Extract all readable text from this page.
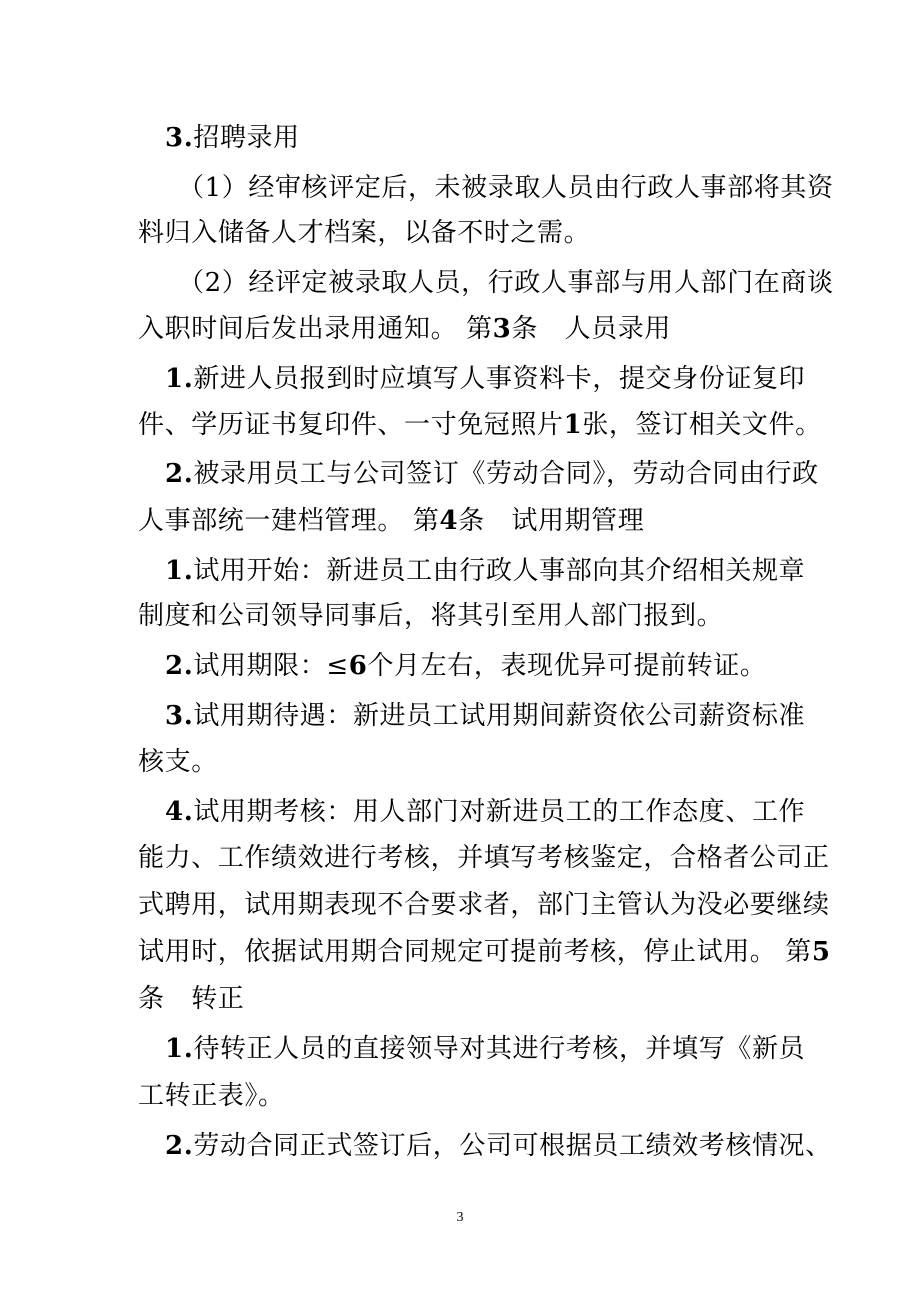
3.招聘录用
（1）经审核评定后，未被录取人员由行政人事部将其资
料归入储备人才档案，以备不时之需。
（2）经评定被录取人员，行政人事部与用人部门在商谈
入职时间后发出录用通知。 第3条　人员录用
1.新进人员报到时应填写人事资料卡，提交身份证复印
件、学历证书复印件、一寸免冠照片1张，签订相关文件。
2.被录用员工与公司签订《劳动合同》，劳动合同由行政
人事部统一建档管理。 第4条　试用期管理
1.试用开始：新进员工由行政人事部向其介绍相关规章
制度和公司领导同事后，将其引至用人部门报到。
2.试用期限：≤6个月左右，表现优异可提前转证。
3.试用期待遇：新进员工试用期间薪资依公司薪资标准
核支。
4.试用期考核：用人部门对新进员工的工作态度、工作
能力、工作绩效进行考核，并填写考核鉴定，合格者公司正
式聘用，试用期表现不合要求者，部门主管认为没必要继续
试用时，依据试用期合同规定可提前考核，停止试用。 第5
条　转正
1.待转正人员的直接领导对其进行考核，并填写《新员
工转正表》。
2.劳动合同正式签订后，公司可根据员工绩效考核情况、
3
